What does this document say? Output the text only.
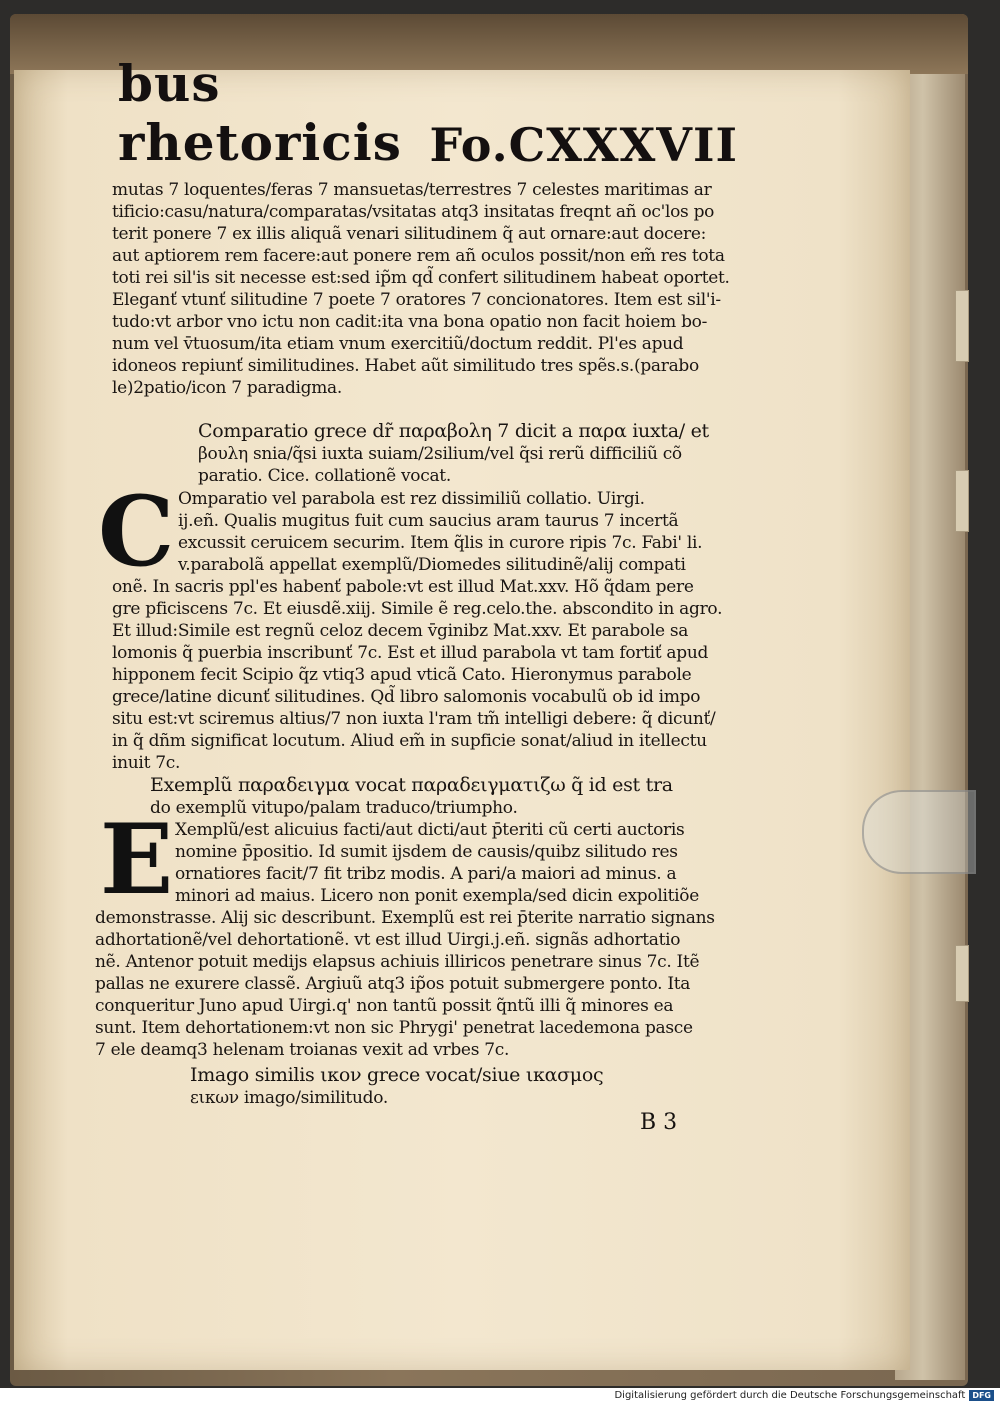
bus rhetoricis Fo.CXXXVII
mutas 7 loquentes/feras 7 mansuetas/terrestres 7 celestes maritimas ar
tificio:casu/natura/comparatas/vsitatas atq3 insitatas freqnt añ oc'los po
terit ponere 7 ex illis aliquã venari silitudinem q̃ aut ornare:aut docere:
aut aptiorem rem facere:aut ponere rem añ oculos possit/non em̃ res tota
toti rei sil'is sit necesse est:sed ip̃m qd̃ confert silitudinem habeat oportet.
Eleganť vtunť silitudine 7 poete 7 oratores 7 concionatores. Item est sil'i-
tudo:vt arbor vno ictu non cadit:ita vna bona opatio non facit hoiem bo-
num vel v̄tuosum/ita etiam vnum exercitiũ/doctum reddit. Pl'es apud
idoneos repiunť similitudines. Habet aũt similitudo tres spẽs.s.(parabo
le)2patio/icon 7 paradigma.
Comparatio grece dr̃ παραβολη 7 dicit a παρα iuxta/ et
βουλη snia/q̃si iuxta suiam/2silium/vel q̃si rerũ difficiliũ cõ
paratio. Cice. collationẽ vocat.
C Omparatio vel parabola est rez dissimiliũ collatio. Uirgi.
ij.eñ. Qualis mugitus fuit cum saucius aram taurus 7 incertã
excussit ceruicem securim. Item q̃lis in curore ripis 7c. Fabi' li.
v.parabolã appellat exemplũ/Diomedes silitudinẽ/alij compati
onẽ. In sacris ppl'es habenť pabole:vt est illud Mat.xxv. Hõ q̃dam pere
gre pficiscens 7c. Et eiusdẽ.xiij. Simile ẽ reg.celo.the. abscondito in agro.
Et illud:Simile est regnũ celoz decem v̄ginibz Mat.xxv. Et parabole sa
lomonis q̃ puerbia inscribunť 7c. Est et illud parabola vt tam fortiť apud
hipponem fecit Scipio q̃z vtiq3 apud vticã Cato. Hieronymus parabole
grece/latine dicunť silitudines. Qd̃ libro salomonis vocabulũ ob id impo
situ est:vt sciremus altius/7 non iuxta l'ram tm̃ intelligi debere: q̃ dicunť/
in q̃ dñm significat locutum. Aliud em̃ in supficie sonat/aliud in itellectu
inuit 7c.
Exemplũ παραδειγμα vocat παραδειγματιζω q̃ id est tra
do exemplũ vitupo/palam traduco/triumpho.
E Xemplũ/est alicuius facti/aut dicti/aut p̄teriti cũ certi auctoris
nomine p̄positio. Id sumit ijsdem de causis/quibz silitudo res
ornatiores facit/7 fit tribz modis. A pari/a maiori ad minus. a
minori ad maius. Licero non ponit exempla/sed dicin expolitiõe
demonstrasse. Alij sic describunt. Exemplũ est rei p̄terite narratio signans
adhortationẽ/vel dehortationẽ. vt est illud Uirgi.j.eñ. signãs adhortatio
nẽ. Antenor potuit medijs elapsus achiuis illiricos penetrare sinus 7c. Itẽ
pallas ne exurere classẽ. Argiuũ atq3 ip̃os potuit submergere ponto. Ita
conqueritur Juno apud Uirgi.q' non tantũ possit q̃ntũ illi q̃ minores ea
sunt. Item dehortationem:vt non sic Phrygi' penetrat lacedemona pasce
7 ele deamq3 helenam troianas vexit ad vrbes 7c.
Imago similis ικον grece vocat/siue ικασμος
εικων imago/similitudo.
B 3
Digitalisierung gefördert durch die Deutsche Forschungsgemeinschaft DFG
